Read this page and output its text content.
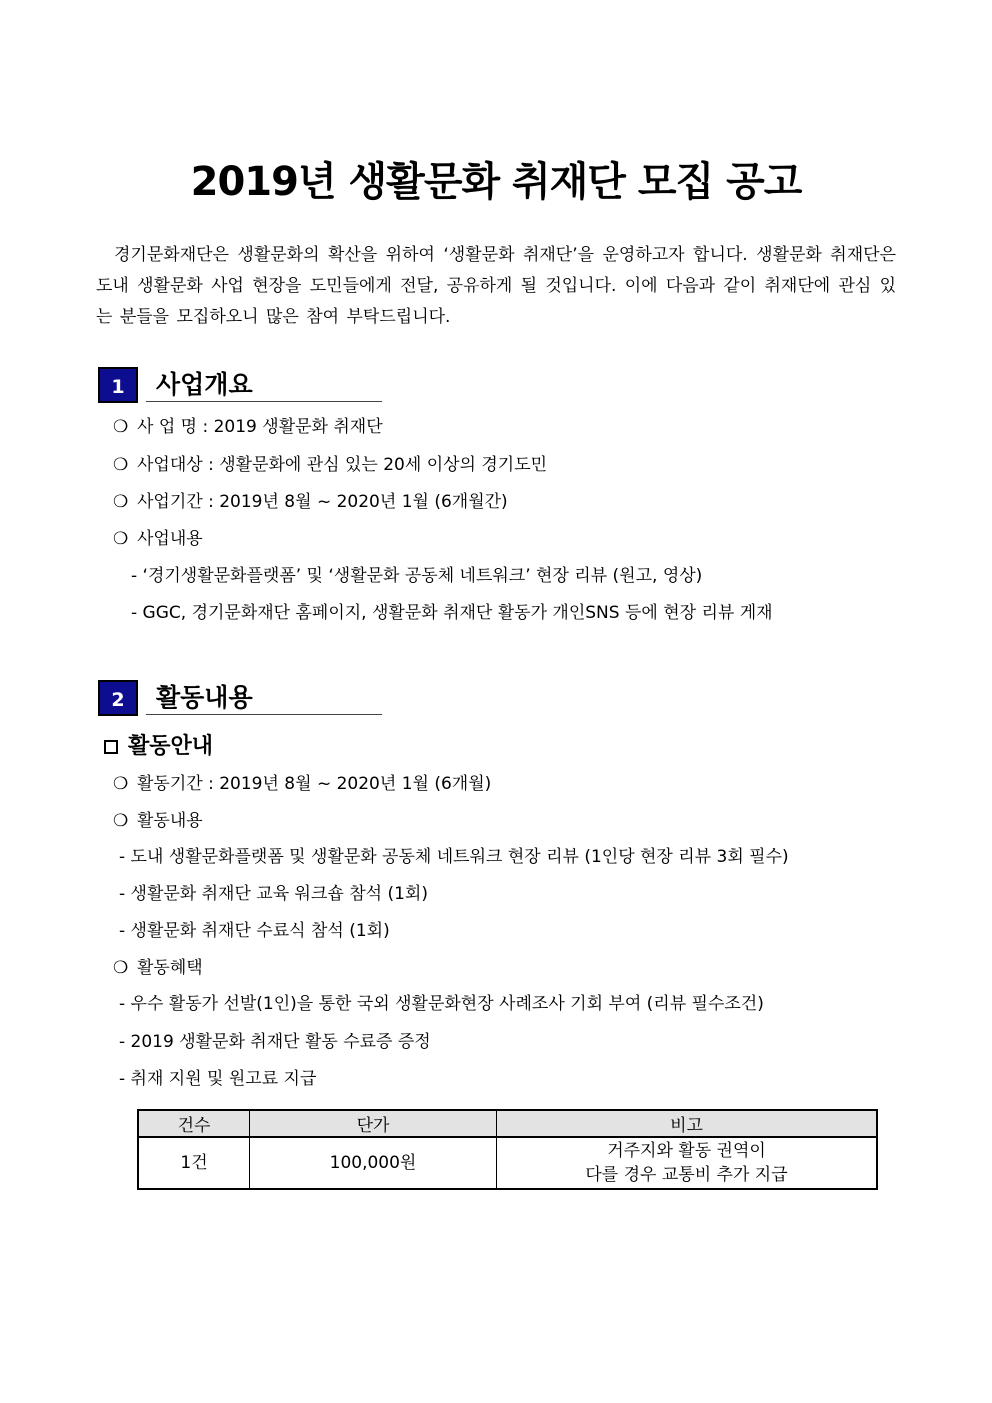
2019년 생활문화 취재단 모집 공고
경기문화재단은 생활문화의 확산을 위하여 ‘생활문화 취재단’을 운영하고자 합니다. 생활문화 취재단은 도내 생활문화 사업 현장을 도민들에게 전달, 공유하게 될 것입니다. 이에 다음과 같이 취재단에 관심 있는 분들을 모집하오니 많은 참여 부탁드립니다.
1	사업개요
❍ 사 업 명 : 2019 생활문화 취재단
❍ 사업대상 : 생활문화에 관심 있는 20세 이상의 경기도민
❍ 사업기간 : 2019년 8월 ~ 2020년 1월 (6개월간)
❍ 사업내용
- ‘경기생활문화플랫폼’ 및 ‘생활문화 공동체 네트워크’ 현장 리뷰 (원고, 영상)
- GGC, 경기문화재단 홈페이지, 생활문화 취재단 활동가 개인SNS 등에 현장 리뷰 게재
2	활동내용
활동안내
❍ 활동기간 : 2019년 8월 ~ 2020년 1월 (6개월)
❍ 활동내용
- 도내 생활문화플랫폼 및 생활문화 공동체 네트워크 현장 리뷰 (1인당 현장 리뷰 3회 필수)
- 생활문화 취재단 교육 워크숍 참석 (1회)
- 생활문화 취재단 수료식 참석 (1회)
❍ 활동혜택
- 우수 활동가 선발(1인)을 통한 국외 생활문화현장 사례조사 기회 부여 (리뷰 필수조건)
- 2019 생활문화 취재단 활동 수료증 증정
- 취재 지원 및 원고료 지급
건수	단가	비고
1건	100,000원	거주지와 활동 권역이
다를 경우 교통비 추가 지급
